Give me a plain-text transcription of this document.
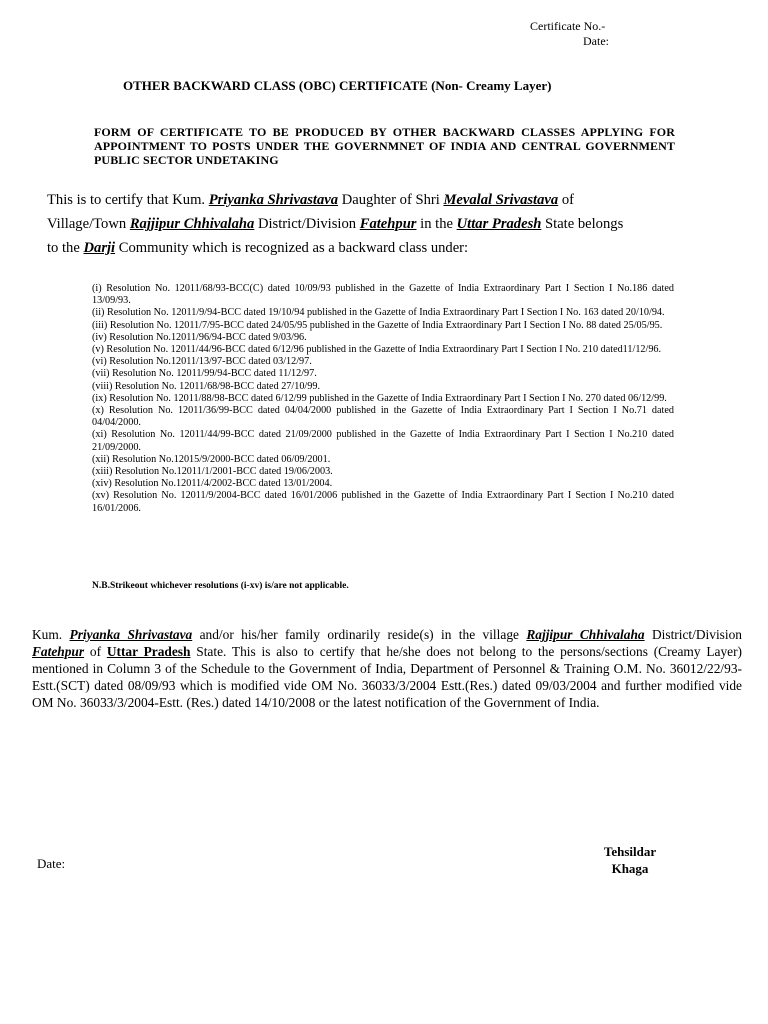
Certificate No.-
Date:
OTHER BACKWARD CLASS (OBC) CERTIFICATE (Non- Creamy Layer)
FORM OF CERTIFICATE TO BE PRODUCED BY OTHER BACKWARD CLASSES APPLYING FOR APPOINTMENT TO POSTS UNDER THE GOVERNMNET OF INDIA AND CENTRAL GOVERNMENT PUBLIC SECTOR UNDETAKING
This is to certify that Kum. Priyanka Shrivastava Daughter of Shri Mevalal Srivastava of
Village/Town Rajjipur Chhivalaha District/Division Fatehpur in the Uttar Pradesh State belongs
to the Darji Community which is recognized as a backward class under:
(i) Resolution No. 12011/68/93-BCC(C) dated 10/09/93 published in the Gazette of India Extraordinary Part I Section I No.186 dated 13/09/93.
(ii) Resolution No. 12011/9/94-BCC dated 19/10/94 published in the Gazette of India Extraordinary Part I Section I No. 163 dated 20/10/94.
(iii) Resolution No. 12011/7/95-BCC dated 24/05/95 published in the Gazette of India Extraordinary Part I Section I No. 88 dated 25/05/95.
(iv) Resolution No.12011/96/94-BCC dated 9/03/96.
(v) Resolution No. 12011/44/96-BCC dated 6/12/96 published in the Gazette of India Extraordinary Part I Section I No. 210 dated11/12/96.
(vi) Resolution No.12011/13/97-BCC dated 03/12/97.
(vii) Resolution No. 12011/99/94-BCC dated 11/12/97.
(viii) Resolution No. 12011/68/98-BCC dated 27/10/99.
(ix) Resolution No. 12011/88/98-BCC dated 6/12/99 published in the Gazette of India Extraordinary Part I Section I No. 270 dated 06/12/99.
(x) Resolution No. 12011/36/99-BCC dated 04/04/2000 published in the Gazette of India Extraordinary Part I Section I No.71 dated 04/04/2000.
(xi) Resolution No. 12011/44/99-BCC dated 21/09/2000 published in the Gazette of India Extraordinary Part I Section I No.210 dated 21/09/2000.
(xii) Resolution No.12015/9/2000-BCC dated 06/09/2001.
(xiii) Resolution No.12011/1/2001-BCC dated 19/06/2003.
(xiv) Resolution No.12011/4/2002-BCC dated 13/01/2004.
(xv) Resolution No. 12011/9/2004-BCC dated 16/01/2006 published in the Gazette of India Extraordinary Part I Section I No.210 dated 16/01/2006.
N.B.Strikeout whichever resolutions (i-xv) is/are not applicable.
Kum. Priyanka Shrivastava and/or his/her family ordinarily reside(s) in the village Rajjipur Chhivalaha District/Division Fatehpur of Uttar Pradesh State. This is also to certify that he/she does not belong to the persons/sections (Creamy Layer) mentioned in Column 3 of the Schedule to the Government of India, Department of Personnel & Training O.M. No. 36012/22/93-Estt.(SCT) dated 08/09/93 which is modified vide OM No. 36033/3/2004 Estt.(Res.) dated 09/03/2004 and further modified vide OM No. 36033/3/2004-Estt. (Res.) dated 14/10/2008 or the latest notification of the Government of India.
Date:
Tehsildar
Khaga
